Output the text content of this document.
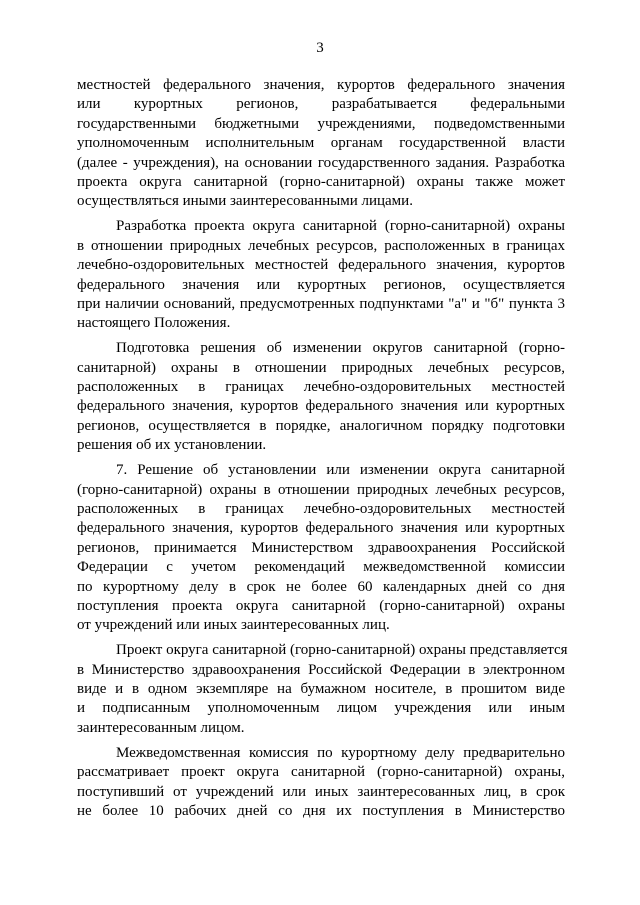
3
местностей федерального значения, курортов федерального значения
или курортных регионов, разрабатывается федеральными
государственными бюджетными учреждениями, подведомственными
уполномоченным исполнительным органам государственной власти
(далее - учреждения), на основании государственного задания. Разработка
проекта округа санитарной (горно-санитарной) охраны также может
осуществляться иными заинтересованными лицами.
Разработка проекта округа санитарной (горно-санитарной) охраны
в отношении природных лечебных ресурсов, расположенных в границах
лечебно-оздоровительных местностей федерального значения, курортов
федерального значения или курортных регионов, осуществляется
при наличии оснований, предусмотренных подпунктами "а" и "б" пункта 3
настоящего Положения.
Подготовка решения об изменении округов санитарной (горно-
санитарной) охраны в отношении природных лечебных ресурсов,
расположенных в границах лечебно-оздоровительных местностей
федерального значения, курортов федерального значения или курортных
регионов, осуществляется в порядке, аналогичном порядку подготовки
решения об их установлении.
7. Решение об установлении или изменении округа санитарной
(горно-санитарной) охраны в отношении природных лечебных ресурсов,
расположенных в границах лечебно-оздоровительных местностей
федерального значения, курортов федерального значения или курортных
регионов, принимается Министерством здравоохранения Российской
Федерации с учетом рекомендаций межведомственной комиссии
по курортному делу в срок не более 60 календарных дней со дня
поступления проекта округа санитарной (горно-санитарной) охраны
от учреждений или иных заинтересованных лиц.
Проект округа санитарной (горно-санитарной) охраны представляется
в Министерство здравоохранения Российской Федерации в электронном
виде и в одном экземпляре на бумажном носителе, в прошитом виде
и подписанным уполномоченным лицом учреждения или иным
заинтересованным лицом.
Межведомственная комиссия по курортному делу предварительно
рассматривает проект округа санитарной (горно-санитарной) охраны,
поступивший от учреждений или иных заинтересованных лиц, в срок
не более 10 рабочих дней со дня их поступления в Министерство
